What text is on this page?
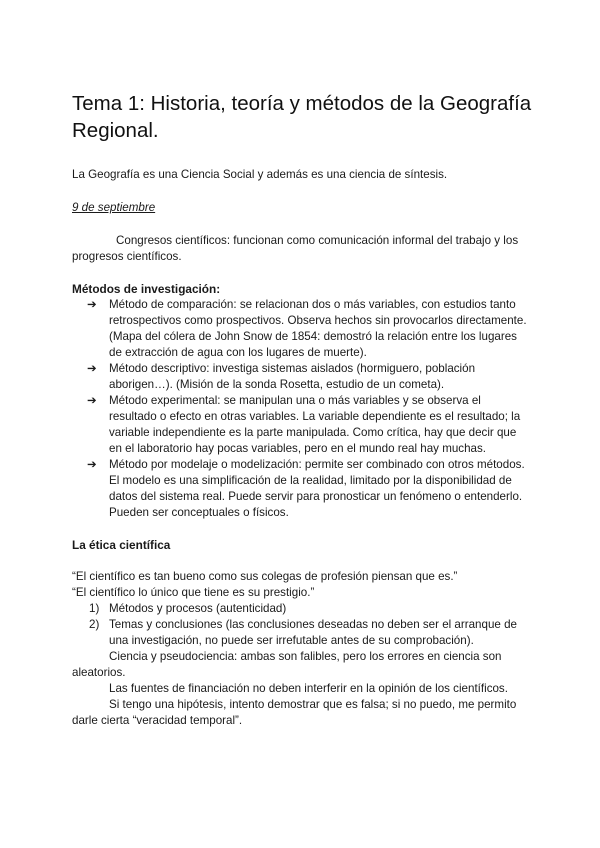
Tema 1: Historia, teoría y métodos de la Geografía Regional.

La Geografía es una Ciencia Social y además es una ciencia de síntesis.

9 de septiembre

Congresos científicos: funcionan como comunicación informal del trabajo y los progresos científicos.

Métodos de investigación:

➔ Método de comparación: se relacionan dos o más variables, con estudios tanto retrospectivos como prospectivos. Observa hechos sin provocarlos directamente. (Mapa del cólera de John Snow de 1854: demostró la relación entre los lugares de extracción de agua con los lugares de muerte).
➔ Método descriptivo: investiga sistemas aislados (hormiguero, población aborigen…). (Misión de la sonda Rosetta, estudio de un cometa).
➔ Método experimental: se manipulan una o más variables y se observa el resultado o efecto en otras variables. La variable dependiente es el resultado; la variable independiente es la parte manipulada. Como crítica, hay que decir que en el laboratorio hay pocas variables, pero en el mundo real hay muchas.
➔ Método por modelaje o modelización: permite ser combinado con otros métodos. El modelo es una simplificación de la realidad, limitado por la disponibilidad de datos del sistema real. Puede servir para pronosticar un fenómeno o entenderlo. Pueden ser conceptuales o físicos.

La ética científica

“El científico es tan bueno como sus colegas de profesión piensan que es.”

“El científico lo único que tiene es su prestigio.”

1) Métodos y procesos (autenticidad)
2) Temas y conclusiones (las conclusiones deseadas no deben ser el arranque de una investigación, no puede ser irrefutable antes de su comprobación).

Ciencia y pseudociencia: ambas son falibles, pero los errores en ciencia son aleatorios.

Las fuentes de financiación no deben interferir en la opinión de los científicos.

Si tengo una hipótesis, intento demostrar que es falsa; si no puedo, me permito darle cierta “veracidad temporal”.
